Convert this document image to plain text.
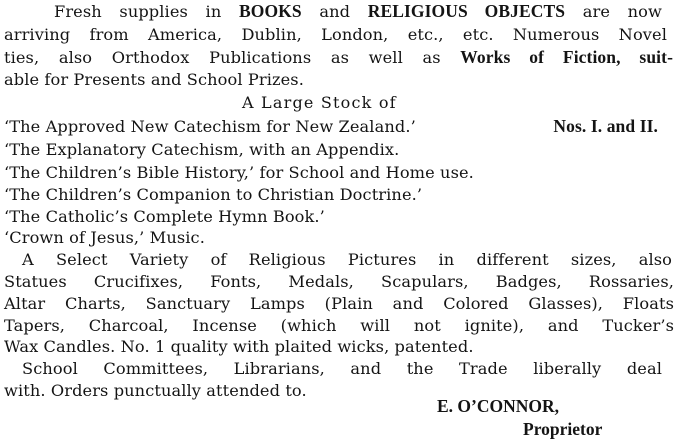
Fresh supplies in BOOKS and RELIGIOUS OBJECTS are now
arriving from America, Dublin, London, etc., etc. Numerous Novel
ties, also Orthodox Publications as well as Works of Fiction, suit-
able for Presents and School Prizes.
A Large Stock of
‘The Approved New Catechism for New Zealand.’	Nos. I. and II.
‘The Explanatory Catechism, with an Appendix.
‘The Children’s Bible History,’ for School and Home use.
‘The Children’s Companion to Christian Doctrine.’
‘The Catholic’s Complete Hymn Book.’
‘Crown of Jesus,’ Music.
A Select Variety of Religious Pictures in different sizes, also
Statues Crucifixes, Fonts, Medals, Scapulars, Badges, Rossaries,
Altar Charts, Sanctuary Lamps (Plain and Colored Glasses), Floats
Tapers, Charcoal, Incense (which will not ignite), and Tucker’s
Wax Candles. No. 1 quality with plaited wicks, patented.
School Committees, Librarians, and the Trade liberally deal
with. Orders punctually attended to.
E. O’CONNOR,
Proprietor
